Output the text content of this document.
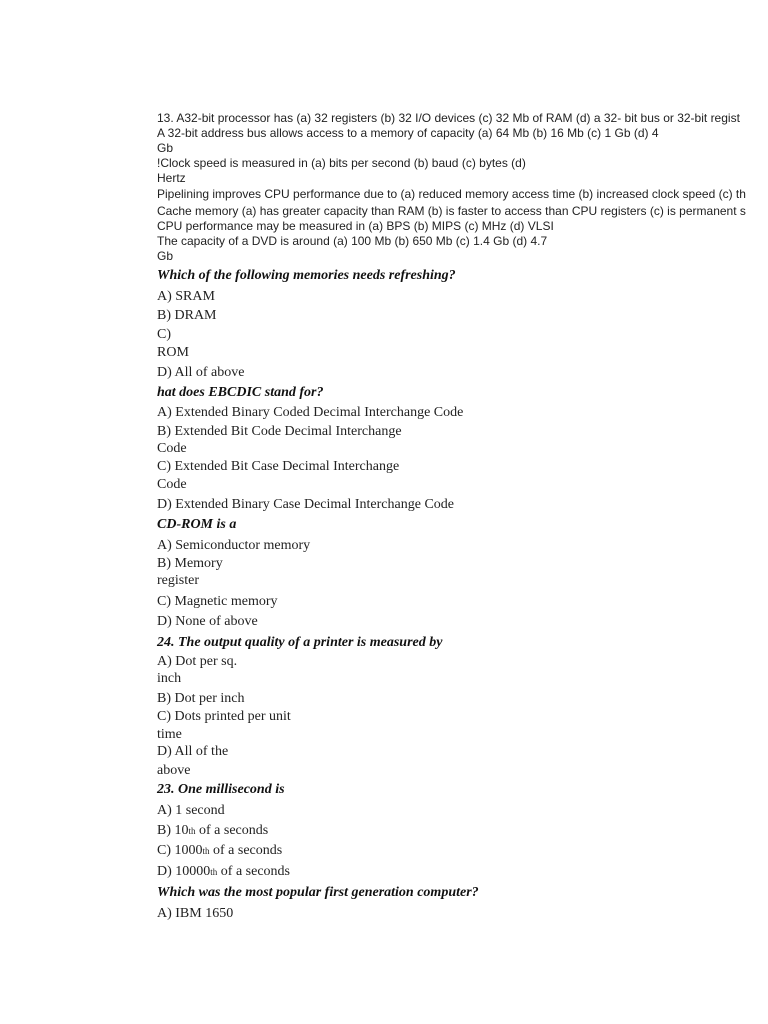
13. A32-bit processor has (a) 32 registers (b) 32 I/O devices (c) 32 Mb of RAM (d) a 32- bit bus or 32-bit regist
A 32-bit address bus allows access to a memory of capacity (a) 64 Mb (b) 16 Mb (c) 1 Gb (d) 4
Gb
!Clock speed is measured in (a) bits per second (b) baud (c) bytes (d)
Hertz
Pipelining improves CPU performance due to (a) reduced memory access time (b) increased clock speed (c) th
Cache memory (a) has greater capacity than RAM (b) is faster to access than CPU registers (c) is permanent s
CPU performance may be measured in (a) BPS (b) MIPS (c) MHz (d) VLSI
The capacity of a DVD is around (a) 100 Mb (b) 650 Mb (c) 1.4 Gb (d) 4.7
Gb
Which of the following memories needs refreshing?
A) SRAM
B) DRAM
C)
ROM
D) All of above
hat does EBCDIC stand for?
A) Extended Binary Coded Decimal Interchange Code
B) Extended Bit Code Decimal Interchange
Code
C) Extended Bit Case Decimal Interchange
Code
D) Extended Binary Case Decimal Interchange Code
CD-ROM is a
A) Semiconductor memory
B) Memory
register
C) Magnetic memory
D) None of above
24. The output quality of a printer is measured by
A) Dot per sq.
inch
B) Dot per inch
C) Dots printed per unit
time
D) All of the
above
23. One millisecond is
A) 1 second
B) 10th of a seconds
C) 1000th of a seconds
D) 10000th of a seconds
Which was the most popular first generation computer?
A) IBM 1650
